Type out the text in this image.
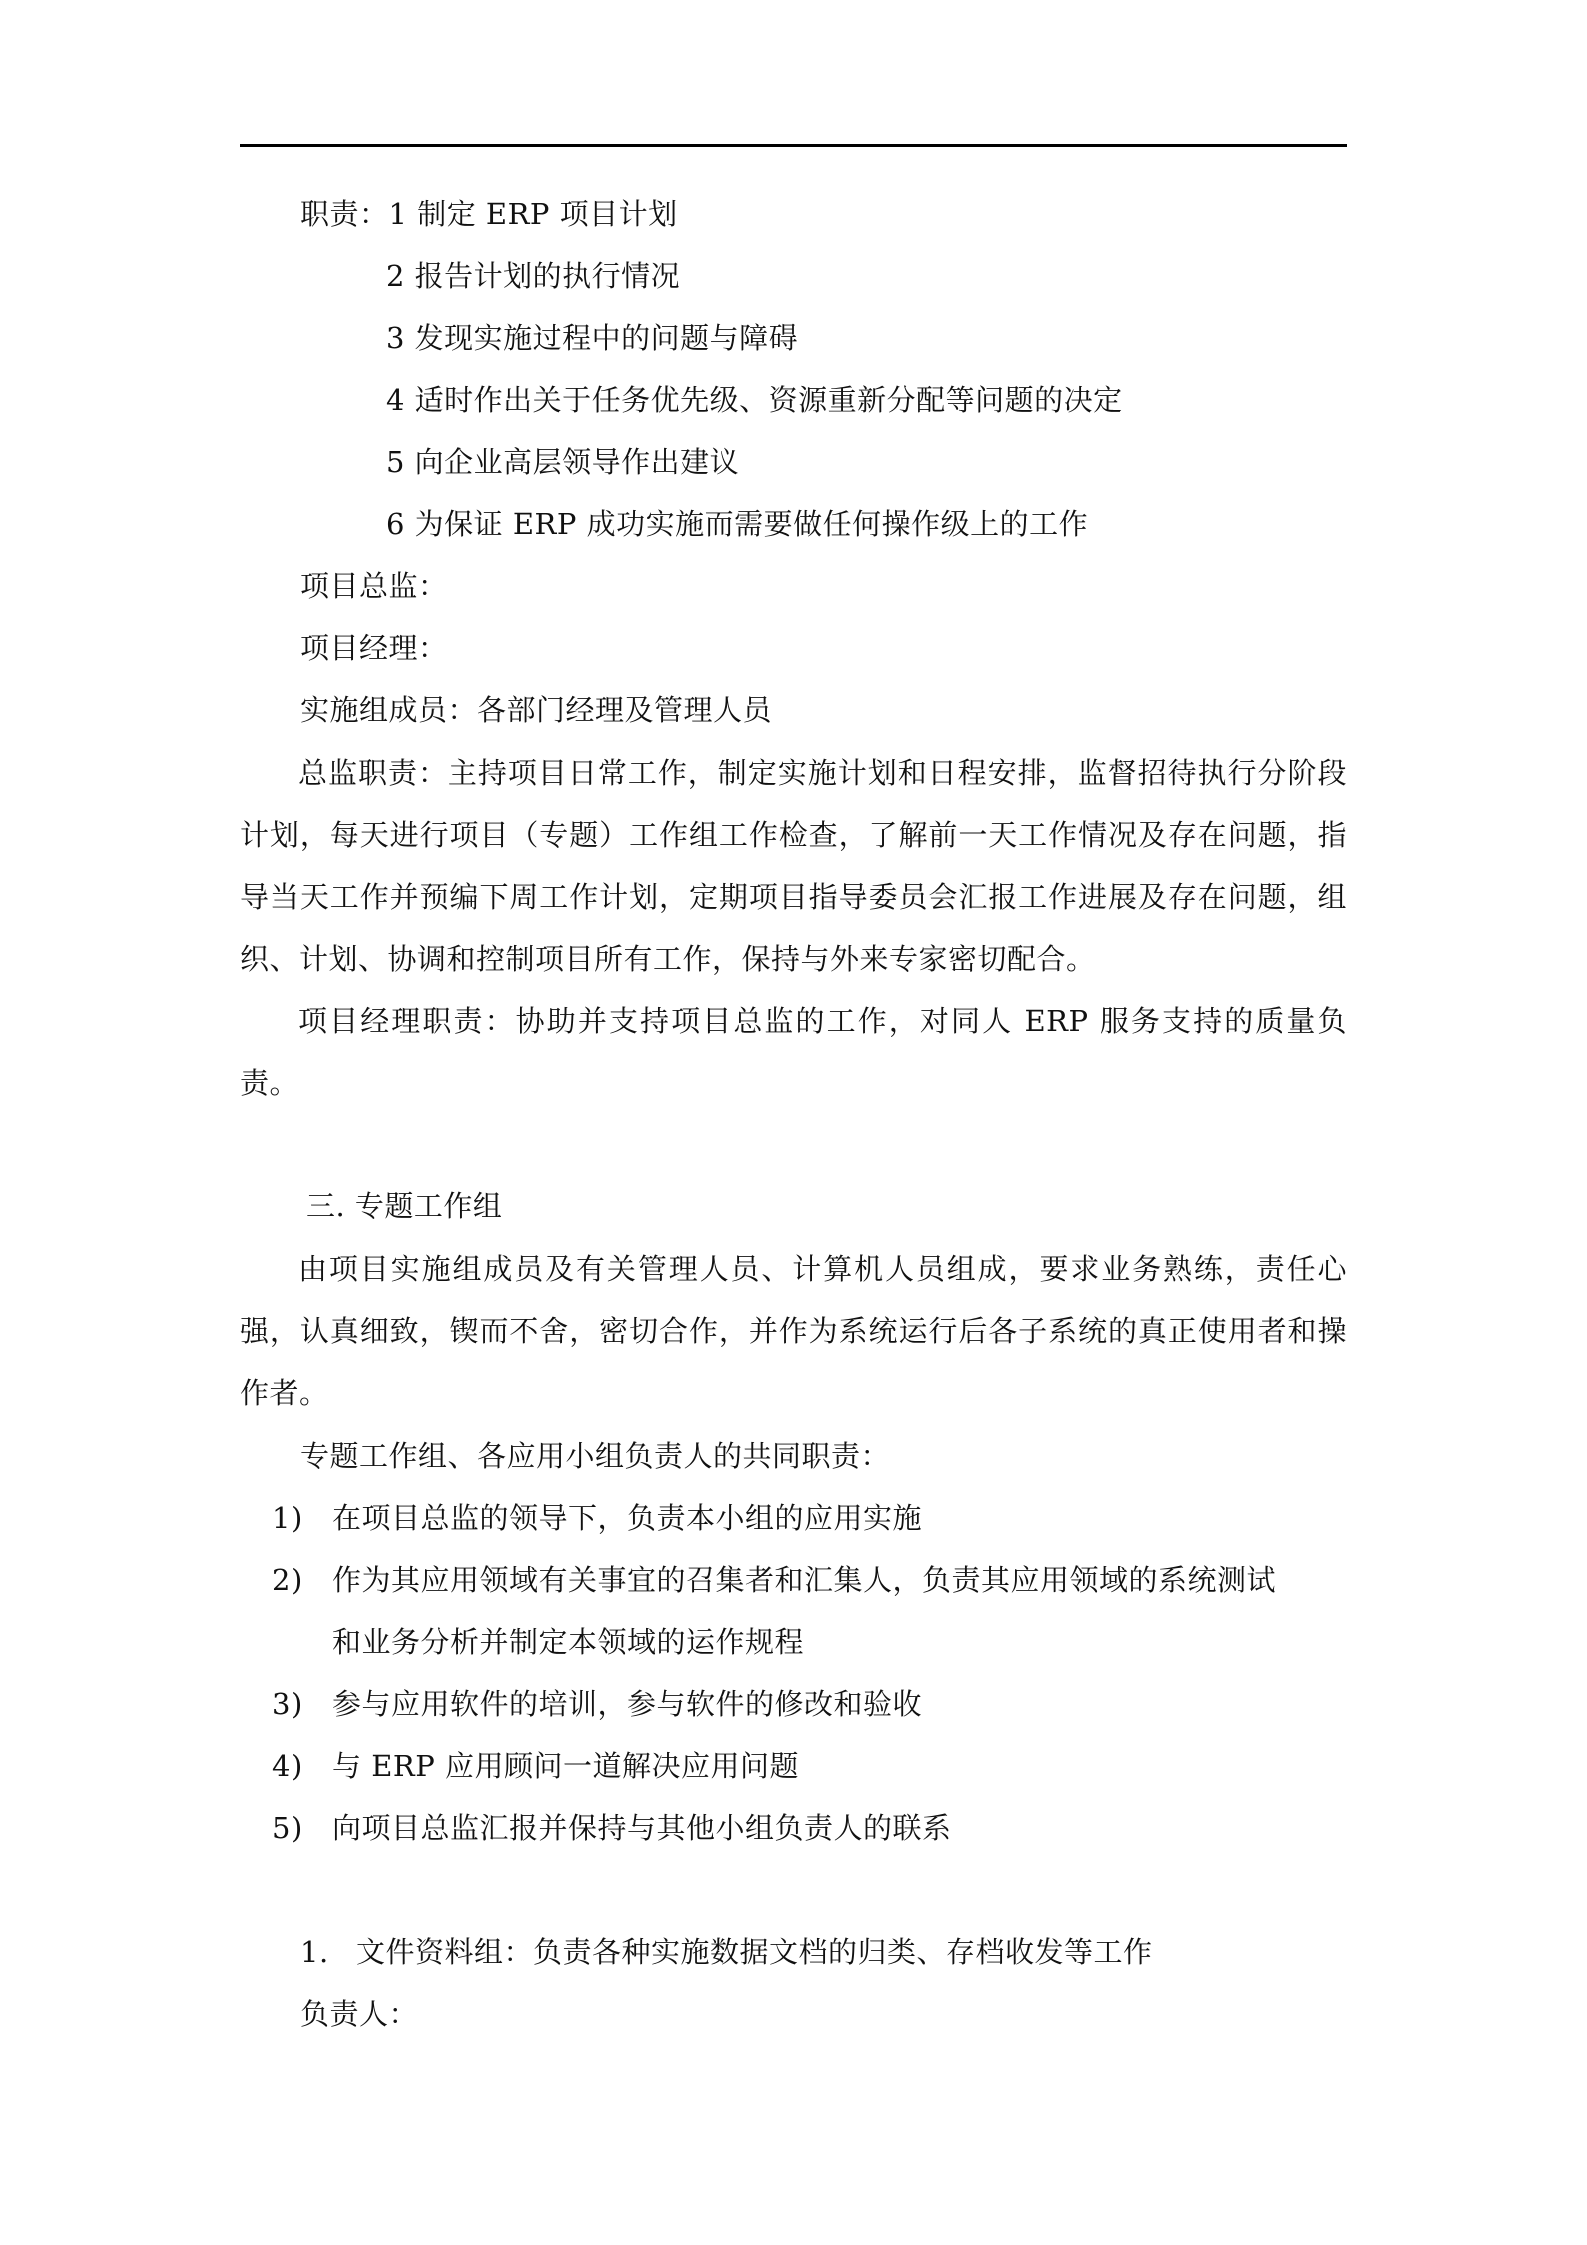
职责：1 制定 ERP 项目计划
2 报告计划的执行情况
3 发现实施过程中的问题与障碍
4 适时作出关于任务优先级、资源重新分配等问题的决定
5 向企业高层领导作出建议
6 为保证 ERP 成功实施而需要做任何操作级上的工作
项目总监：
项目经理：
实施组成员：各部门经理及管理人员
总监职责：主持项目日常工作，制定实施计划和日程安排，监督招待执行分阶段计划，每天进行项目（专题）工作组工作检查，了解前一天工作情况及存在问题，指导当天工作并预编下周工作计划，定期项目指导委员会汇报工作进展及存在问题，组织、计划、协调和控制项目所有工作，保持与外来专家密切配合。
项目经理职责：协助并支持项目总监的工作，对同人 ERP 服务支持的质量负责。
三. 专题工作组
由项目实施组成员及有关管理人员、计算机人员组成，要求业务熟练，责任心强，认真细致，锲而不舍，密切合作，并作为系统运行后各子系统的真正使用者和操作者。
专题工作组、各应用小组负责人的共同职责：
1) 在项目总监的领导下，负责本小组的应用实施
2) 作为其应用领域有关事宜的召集者和汇集人，负责其应用领域的系统测试
和业务分析并制定本领域的运作规程
3) 参与应用软件的培训，参与软件的修改和验收
4) 与 ERP 应用顾问一道解决应用问题
5) 向项目总监汇报并保持与其他小组负责人的联系
1. 文件资料组：负责各种实施数据文档的归类、存档收发等工作
负责人：
